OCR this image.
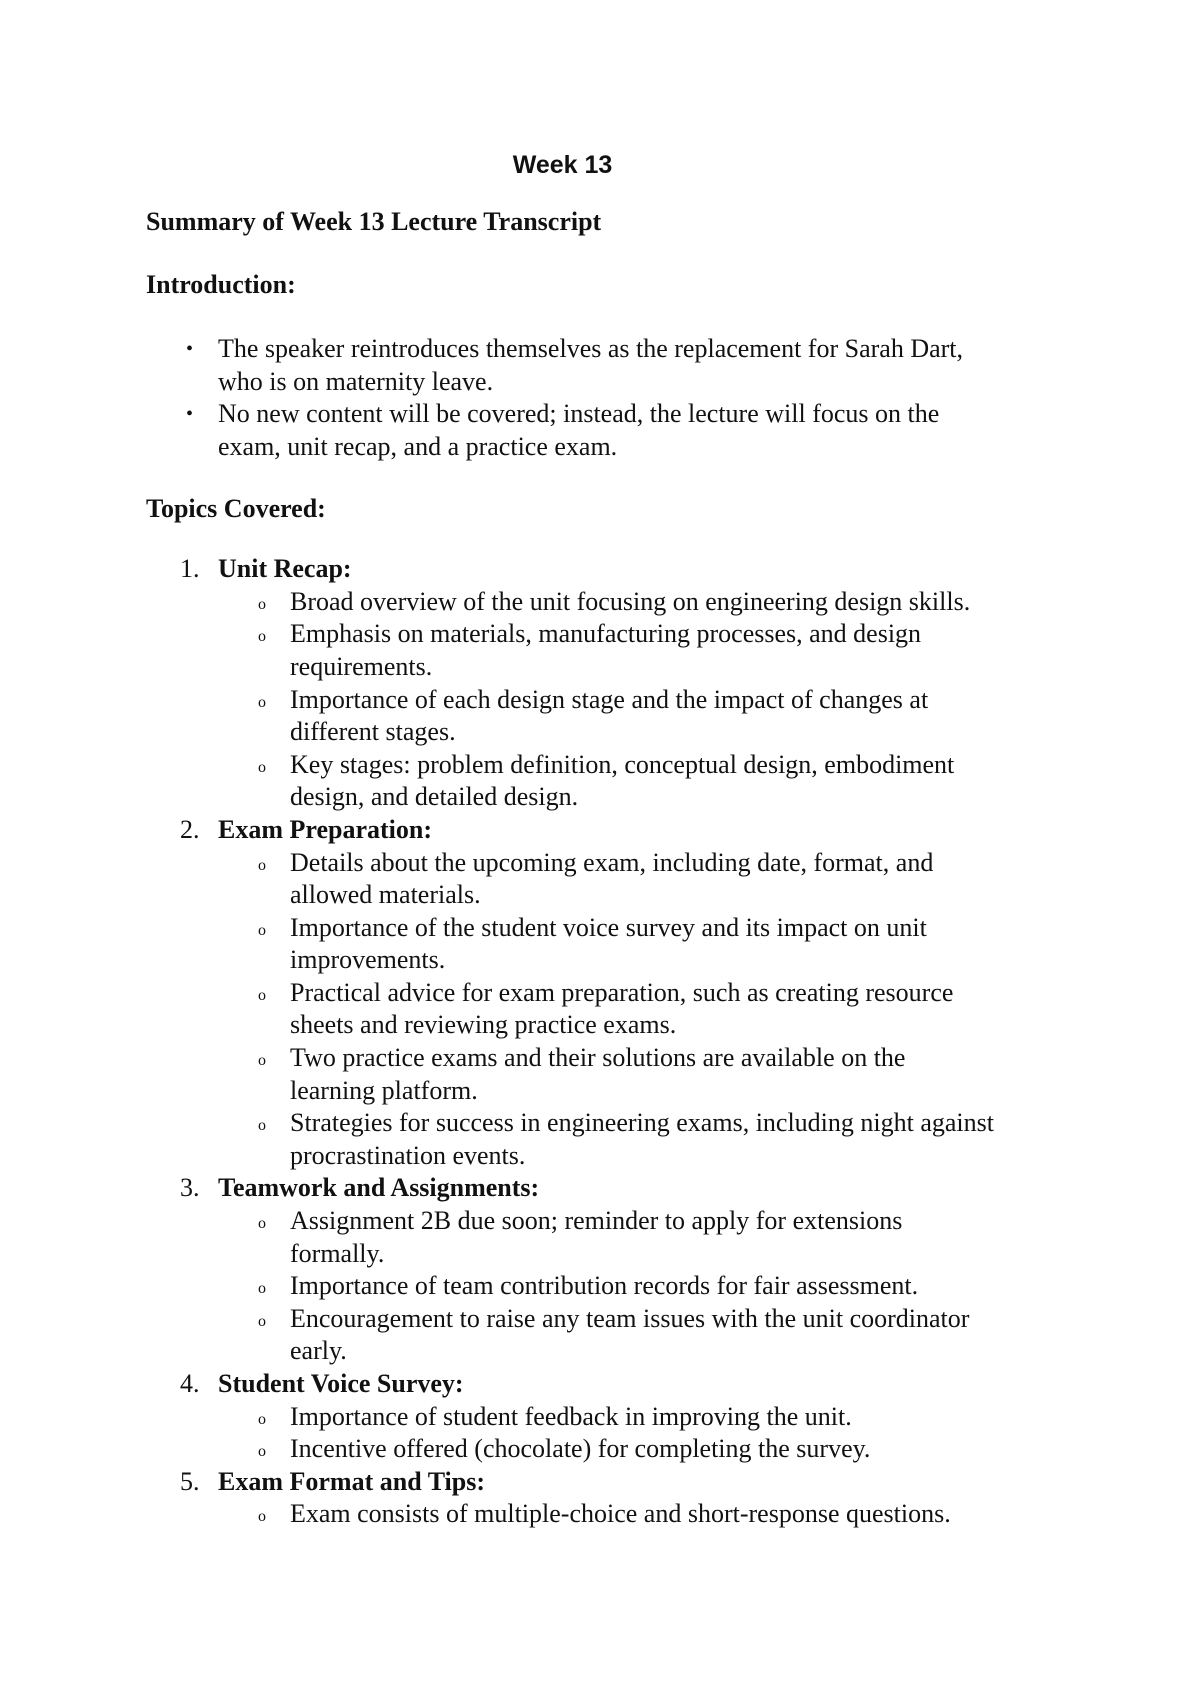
Week 13

Summary of Week 13 Lecture Transcript

Introduction:

• The speaker reintroduces themselves as the replacement for Sarah Dart,
who is on maternity leave.
• No new content will be covered; instead, the lecture will focus on the
exam, unit recap, and a practice exam.

Topics Covered:

1. Unit Recap:
o Broad overview of the unit focusing on engineering design skills.
o Emphasis on materials, manufacturing processes, and design
requirements.
o Importance of each design stage and the impact of changes at
different stages.
o Key stages: problem definition, conceptual design, embodiment
design, and detailed design.
2. Exam Preparation:
o Details about the upcoming exam, including date, format, and
allowed materials.
o Importance of the student voice survey and its impact on unit
improvements.
o Practical advice for exam preparation, such as creating resource
sheets and reviewing practice exams.
o Two practice exams and their solutions are available on the
learning platform.
o Strategies for success in engineering exams, including night against
procrastination events.
3. Teamwork and Assignments:
o Assignment 2B due soon; reminder to apply for extensions
formally.
o Importance of team contribution records for fair assessment.
o Encouragement to raise any team issues with the unit coordinator
early.
4. Student Voice Survey:
o Importance of student feedback in improving the unit.
o Incentive offered (chocolate) for completing the survey.
5. Exam Format and Tips:
o Exam consists of multiple-choice and short-response questions.
